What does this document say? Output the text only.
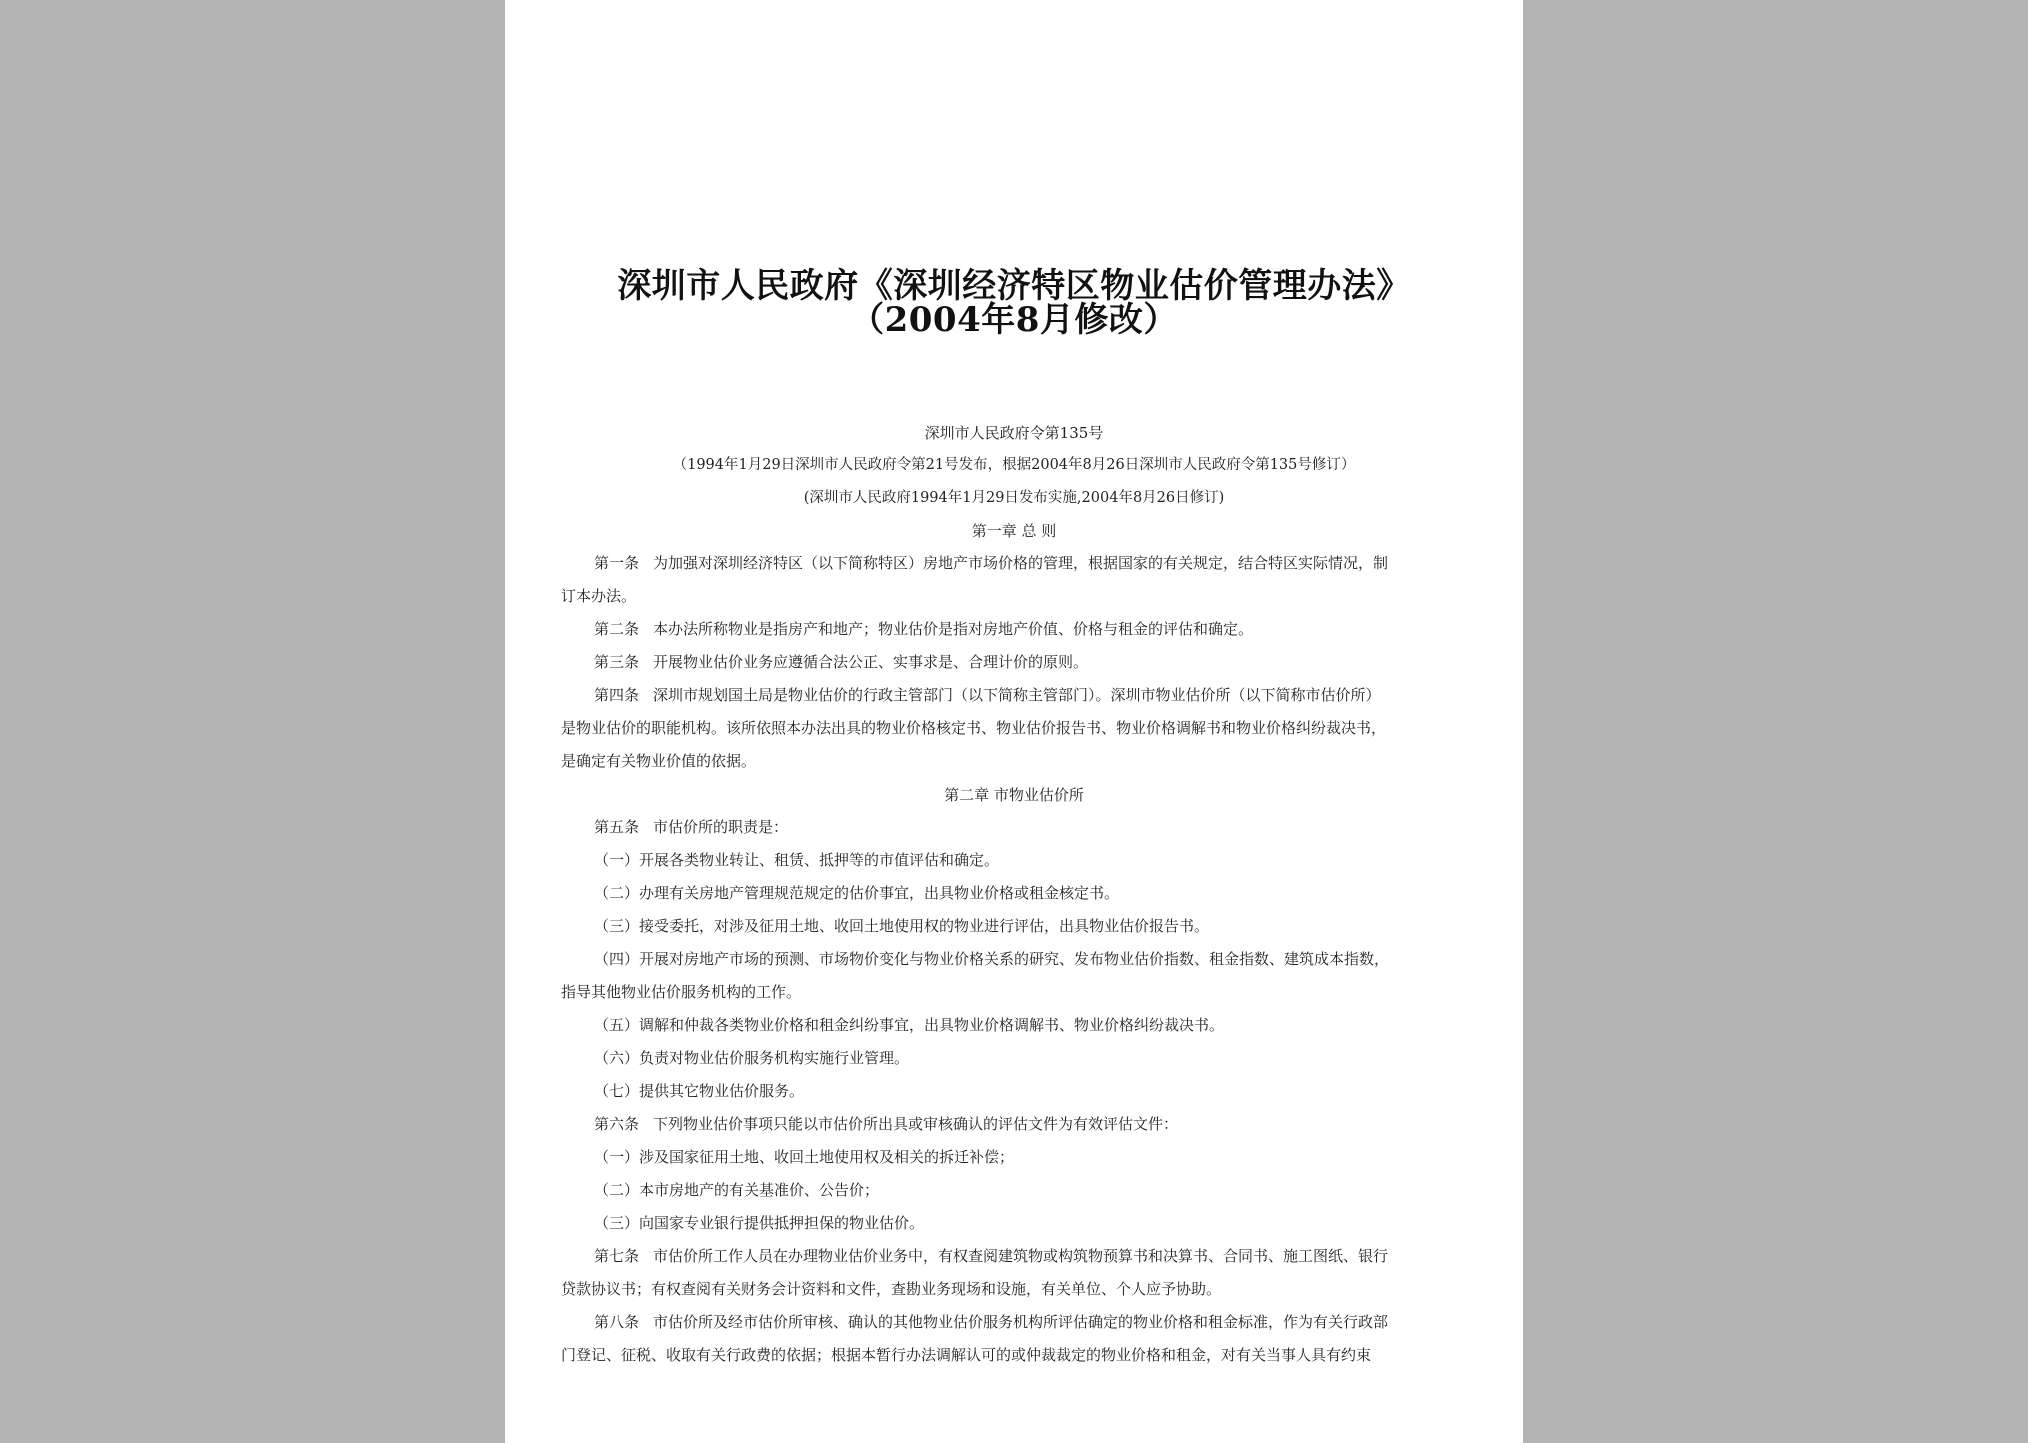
深圳市人民政府《深圳经济特区物业估价管理办法》
（2004年8月修改）
深圳市人民政府令第135号
（1994年1月29日深圳市人民政府令第21号发布，根据2004年8月26日深圳市人民政府令第135号修订）
(深圳市人民政府1994年1月29日发布实施,2004年8月26日修订)
第一章 总 则
第一条 为加强对深圳经济特区（以下简称特区）房地产市场价格的管理，根据国家的有关规定，结合特区实际情况，制
订本办法。
第二条 本办法所称物业是指房产和地产；物业估价是指对房地产价值、价格与租金的评估和确定。
第三条 开展物业估价业务应遵循合法公正、实事求是、合理计价的原则。
第四条 深圳市规划国土局是物业估价的行政主管部门（以下简称主管部门）。深圳市物业估价所（以下简称市估价所）
是物业估价的职能机构。该所依照本办法出具的物业价格核定书、物业估价报告书、物业价格调解书和物业价格纠纷裁决书，
是确定有关物业价值的依据。
第二章 市物业估价所
第五条 市估价所的职责是：
（一）开展各类物业转让、租赁、抵押等的市值评估和确定。
（二）办理有关房地产管理规范规定的估价事宜，出具物业价格或租金核定书。
（三）接受委托，对涉及征用土地、收回土地使用权的物业进行评估，出具物业估价报告书。
（四）开展对房地产市场的预测、市场物价变化与物业价格关系的研究、发布物业估价指数、租金指数、建筑成本指数，
指导其他物业估价服务机构的工作。
（五）调解和仲裁各类物业价格和租金纠纷事宜，出具物业价格调解书、物业价格纠纷裁决书。
（六）负责对物业估价服务机构实施行业管理。
（七）提供其它物业估价服务。
第六条 下列物业估价事项只能以市估价所出具或审核确认的评估文件为有效评估文件：
（一）涉及国家征用土地、收回土地使用权及相关的拆迁补偿；
（二）本市房地产的有关基准价、公告价；
（三）向国家专业银行提供抵押担保的物业估价。
第七条 市估价所工作人员在办理物业估价业务中，有权查阅建筑物或构筑物预算书和决算书、合同书、施工图纸、银行
贷款协议书；有权查阅有关财务会计资料和文件，查勘业务现场和设施，有关单位、个人应予协助。
第八条 市估价所及经市估价所审核、确认的其他物业估价服务机构所评估确定的物业价格和租金标准，作为有关行政部
门登记、征税、收取有关行政费的依据；根据本暂行办法调解认可的或仲裁裁定的物业价格和租金，对有关当事人具有约束
